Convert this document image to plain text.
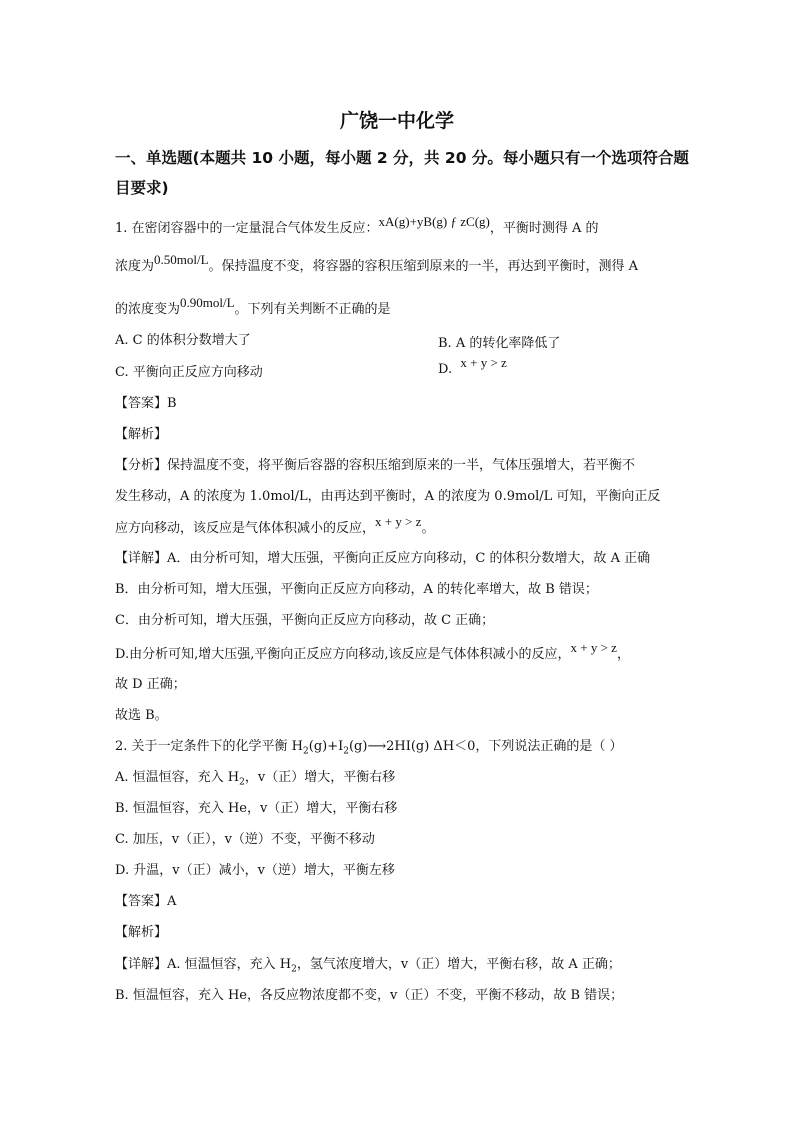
广饶一中化学
一、单选题(本题共 10 小题，每小题 2 分，共 20 分。每小题只有一个选项符合题
目要求)
1. 在密闭容器中的一定量混合气体发生反应：xA(g)+yB(g) ƒ zC(g)，平衡时测得 A 的
浓度为0.50mol/L。保持温度不变，将容器的容积压缩到原来的一半，再达到平衡时，测得 A
的浓度变为0.90mol/L。下列有关判断不正确的是
A. C 的体积分数增大了	B. A 的转化率降低了
C. 平衡向正反应方向移动	D. x + y > z
【答案】B
【解析】
【分析】保持温度不变，将平衡后容器的容积压缩到原来的一半，气体压强增大，若平衡不
发生移动，A 的浓度为 1.0mol/L，由再达到平衡时，A 的浓度为 0.9mol/L 可知，平衡向正反
应方向移动，该反应是气体体积减小的反应，x + y > z。
【详解】A．由分析可知，增大压强，平衡向正反应方向移动，C 的体积分数增大，故 A 正确
B．由分析可知，增大压强，平衡向正反应方向移动，A 的转化率增大，故 B 错误；
C．由分析可知，增大压强，平衡向正反应方向移动，故 C 正确；
D.由分析可知,增大压强,平衡向正反应方向移动,该反应是气体体积减小的反应，x + y > z，
故 D 正确；
故选 B。
2. 关于一定条件下的化学平衡 $H_2(g)+I_2(g)⟶2HI(g)$ ΔH＜0，下列说法正确的是（ ）
A. 恒温恒容，充入 $H_2$，v（正）增大，平衡右移
B. 恒温恒容，充入 He，v（正）增大，平衡右移
C. 加压，v（正），v（逆）不变，平衡不移动
D. 升温，v（正）减小，v（逆）增大，平衡左移
【答案】A
【解析】
【详解】A. 恒温恒容，充入 $H_2$，氢气浓度增大，v（正）增大，平衡右移，故 A 正确；
B. 恒温恒容，充入 He，各反应物浓度都不变，v（正）不变，平衡不移动，故 B 错误；
